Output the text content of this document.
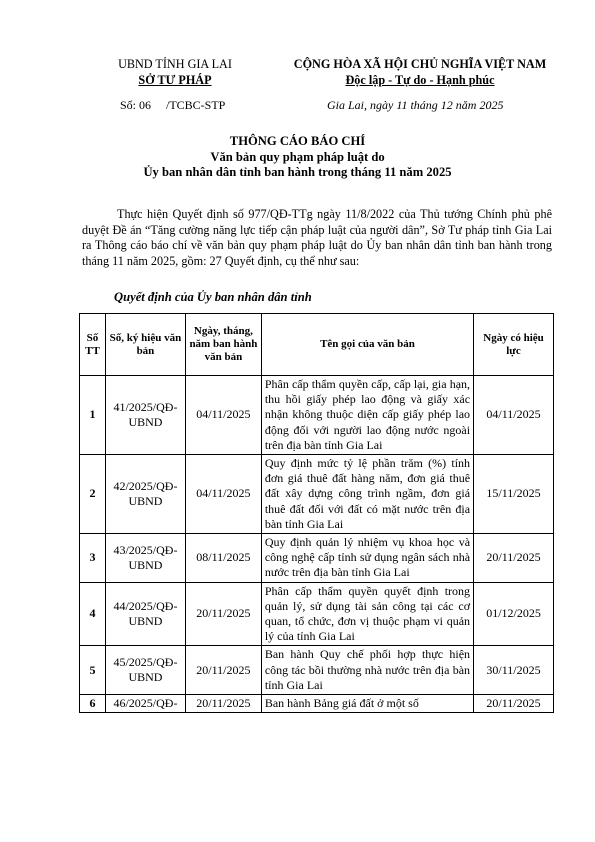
UBND TỈNH GIA LAI
SỞ TƯ PHÁP
CỘNG HÒA XÃ HỘI CHỦ NGHĨA VIỆT NAM
Độc lập - Tự do - Hạnh phúc
Số: 06     /TCBC-STP	Gia Lai, ngày 11 tháng 12 năm 2025
THÔNG CÁO BÁO CHÍ
Văn bản quy phạm pháp luật do
Ủy ban nhân dân tỉnh ban hành trong tháng 11 năm 2025
Thực hiện Quyết định số 977/QĐ-TTg ngày 11/8/2022 của Thủ tướng Chính phủ phê duyệt Đề án “Tăng cường năng lực tiếp cận pháp luật của người dân”, Sở Tư pháp tỉnh Gia Lai ra Thông cáo báo chí về văn bản quy phạm pháp luật do Ủy ban nhân dân tỉnh ban hành trong tháng 11 năm 2025, gồm: 27 Quyết định, cụ thể như sau:
Quyết định của Ủy ban nhân dân tỉnh
Số TT	Số, ký hiệu văn bản	Ngày, tháng, năm ban hành văn bản	Tên gọi của văn bản	Ngày có hiệu lực
1	41/2025/QĐ-UBND	04/11/2025	Phân cấp thẩm quyền cấp, cấp lại, gia hạn, thu hồi giấy phép lao động và giấy xác nhận không thuộc diện cấp giấy phép lao động đối với người lao động nước ngoài trên địa bàn tỉnh Gia Lai	04/11/2025
2	42/2025/QĐ-UBND	04/11/2025	Quy định mức tỷ lệ phần trăm (%) tính đơn giá thuê đất hàng năm, đơn giá thuê đất xây dựng công trình ngầm, đơn giá thuê đất đối với đất có mặt nước trên địa bàn tỉnh Gia Lai	15/11/2025
3	43/2025/QĐ-UBND	08/11/2025	Quy định quản lý nhiệm vụ khoa học và công nghệ cấp tỉnh sử dụng ngân sách nhà nước trên địa bàn tỉnh Gia Lai	20/11/2025
4	44/2025/QĐ-UBND	20/11/2025	Phân cấp thẩm quyền quyết định trong quản lý, sử dụng tài sản công tại các cơ quan, tổ chức, đơn vị thuộc phạm vi quản lý của tỉnh Gia Lai	01/12/2025
5	45/2025/QĐ-UBND	20/11/2025	Ban hành Quy chế phối hợp thực hiện công tác bồi thường nhà nước trên địa bàn tỉnh Gia Lai	30/11/2025
6	46/2025/QĐ-	20/11/2025	Ban hành Bảng giá đất ở một số	20/11/2025
